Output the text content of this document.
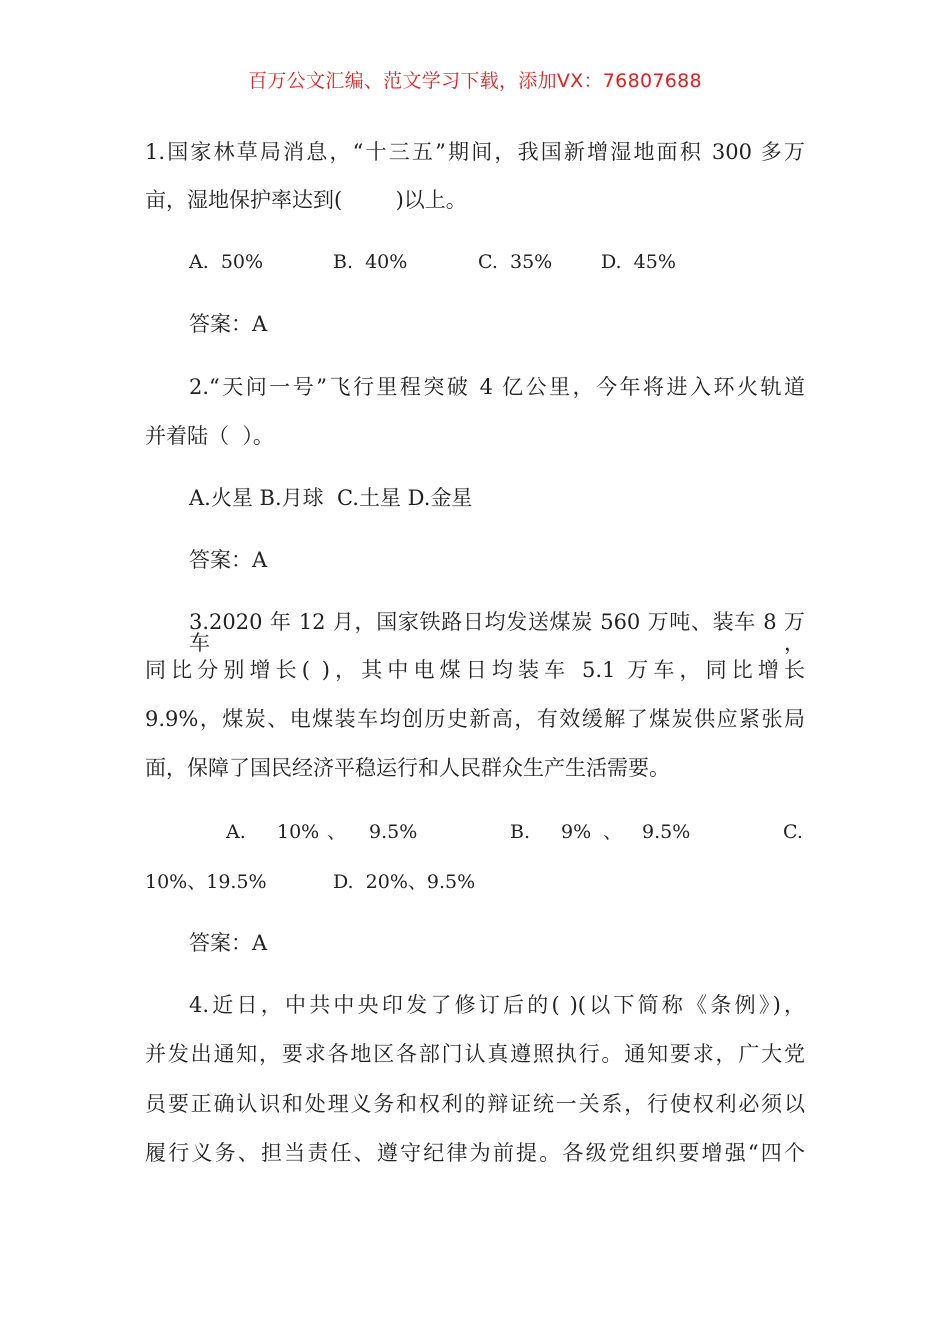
百万公文汇编、范文学习下载，添加VX：76807688
1.国家林草局消息，“十三五”期间，我国新增湿地面积 300 多万
亩，湿地保护率达到(        )以上。
A.  50%	B.  40%	C.  35%	D.  45%
答案：A
2.“天问一号”飞行里程突破 4 亿公里，今年将进入环火轨道
并着陆（  ）。
A.火星 B.月球  C.土星 D.金星
答案：A
3.2020 年 12 月，国家铁路日均发送煤炭 560 万吨、装车 8 万车，
同比分别增长( )，其中电煤日均装车 5.1 万车，同比增长
9.9%，煤炭、电煤装车均创历史新高，有效缓解了煤炭供应紧张局
面，保障了国民经济平稳运行和人民群众生产生活需要。
A. 10% 、 9.5%	B. 9% 、 9.5%	C.
10%、19.5%	D.  20%、9.5%
答案：A
4.近日，中共中央印发了修订后的( )(以下简称《条例》)，
并发出通知，要求各地区各部门认真遵照执行。通知要求，广大党
员要正确认识和处理义务和权利的辩证统一关系，行使权利必须以
履行义务、担当责任、遵守纪律为前提。各级党组织要增强“四个
